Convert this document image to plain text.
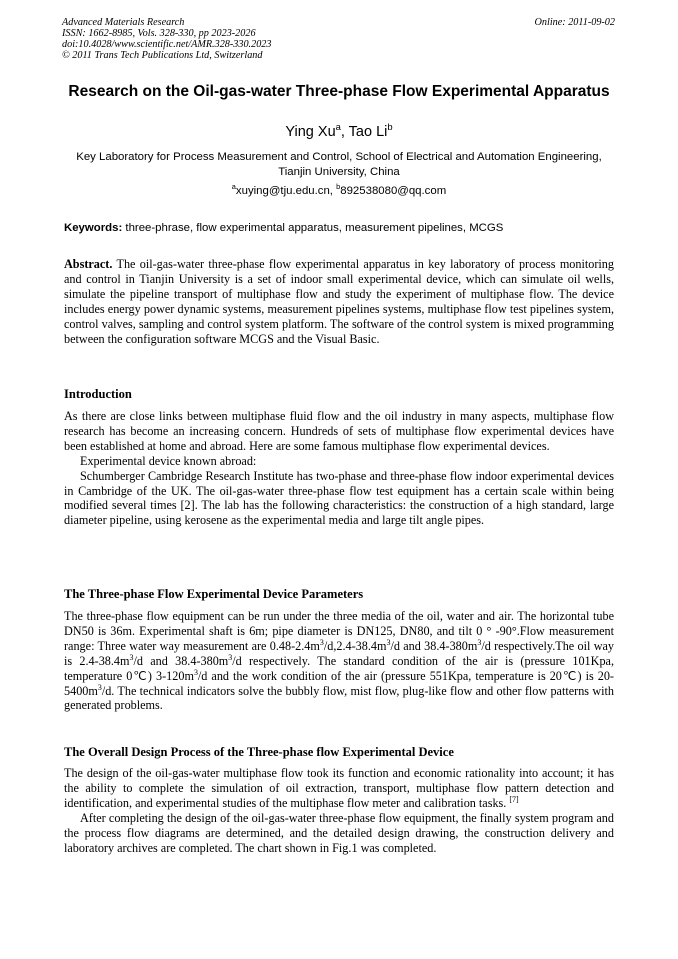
Advanced Materials Research
ISSN: 1662-8985, Vols. 328-330, pp 2023-2026
doi:10.4028/www.scientific.net/AMR.328-330.2023
© 2011 Trans Tech Publications Ltd, Switzerland
Online: 2011-09-02
Research on the Oil-gas-water Three-phase Flow Experimental Apparatus
Ying Xu$^a$, Tao Li$^b$
Key Laboratory for Process Measurement and Control, School of Electrical and Automation Engineering, Tianjin University, China
$^a$xuying@tju.edu.cn, $^b$892538080@qq.com
Keywords: three-phrase, flow experimental apparatus, measurement pipelines, MCGS
Abstract. The oil-gas-water three-phase flow experimental apparatus in key laboratory of process monitoring and control in Tianjin University is a set of indoor small experimental device, which can simulate oil wells, simulate the pipeline transport of multiphase flow and study the experiment of multiphase flow. The device includes energy power dynamic systems, measurement pipelines systems, multiphase flow test pipelines system, control valves, sampling and control system platform. The software of the control system is mixed programming between the configuration software MCGS and the Visual Basic.
Introduction
As there are close links between multiphase fluid flow and the oil industry in many aspects, multiphase flow research has become an increasing concern. Hundreds of sets of multiphase flow experimental devices have been established at home and abroad. Here are some famous multiphase flow experimental devices.
Experimental device known abroad:
Schumberger Cambridge Research Institute has two-phase and three-phase flow indoor experimental devices in Cambridge of the UK. The oil-gas-water three-phase flow test equipment has a certain scale within being modified several times [2]. The lab has the following characteristics: the construction of a high standard, large diameter pipeline, using kerosene as the experimental media and large tilt angle pipes.
The Three-phase Flow Experimental Device Parameters
The three-phase flow equipment can be run under the three media of the oil, water and air. The horizontal tube DN50 is 36m. Experimental shaft is 6m; pipe diameter is DN125, DN80, and tilt 0 ° -90°.Flow measurement range: Three water way measurement are $0.48-2.4m^3/d,2.4-38.4m^3/d$ and $38.4-380m^3/d$ respectively.The oil way is $2.4-38.4m^3/d$ and $38.4-380m^3/d$ respectively. The standard condition of the air is (pressure 101Kpa, temperature 0℃) $3-120m^3/d$ and the work condition of the air (pressure 551Kpa, temperature is 20℃) is $20-5400m^3/d$. The technical indicators solve the bubbly flow, mist flow, plug-like flow and other flow patterns with generated problems.
The Overall Design Process of the Three-phase flow Experimental Device
The design of the oil-gas-water multiphase flow took its function and economic rationality into account; it has the ability to complete the simulation of oil extraction, transport, multiphase flow pattern detection and identification, and experimental studies of the multiphase flow meter and calibration tasks. [7]
After completing the design of the oil-gas-water three-phase flow equipment, the finally system program and the process flow diagrams are determined, and the detailed design drawing, the construction delivery and laboratory archives are completed. The chart shown in Fig.1 was completed.
